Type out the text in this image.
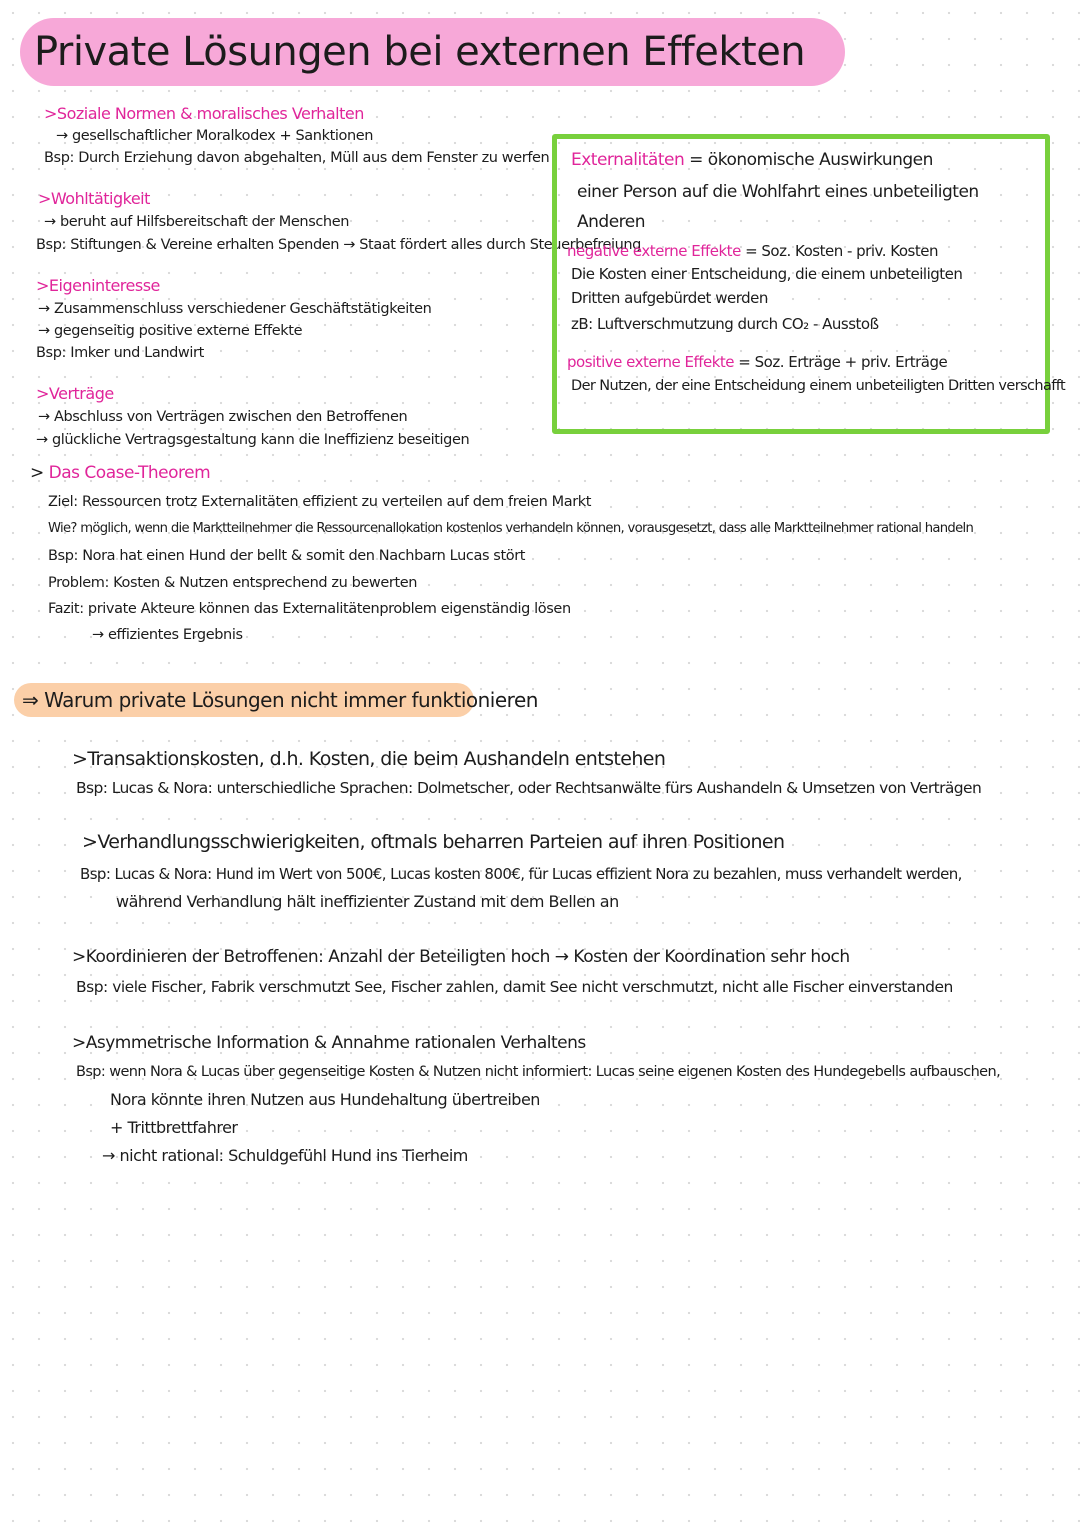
Private Lösungen bei externen Effekten
>Soziale Normen & moralisches Verhalten
→ gesellschaftlicher Moralkodex + Sanktionen
Bsp: Durch Erziehung davon abgehalten, Müll aus dem Fenster zu werfen
>Wohltätigkeit
→ beruht auf Hilfsbereitschaft der Menschen
Bsp: Stiftungen & Vereine erhalten Spenden → Staat fördert alles durch Steuerbefreiung
>Eigeninteresse
→ Zusammenschluss verschiedener Geschäftstätigkeiten
→ gegenseitig positive externe Effekte
Bsp: Imker und Landwirt
>Verträge
→ Abschluss von Verträgen zwischen den Betroffenen
→ glückliche Vertragsgestaltung kann die Ineffizienz beseitigen
Externalitäten = ökonomische Auswirkungen
einer Person auf die Wohlfahrt eines unbeteiligten
Anderen
negative externe Effekte = Soz. Kosten - priv. Kosten
Die Kosten einer Entscheidung, die einem unbeteiligten
Dritten aufgebürdet werden
zB: Luftverschmutzung durch CO₂ - Ausstoß
positive externe Effekte = Soz. Erträge + priv. Erträge
Der Nutzen, der eine Entscheidung einem unbeteiligten Dritten verschafft
> Das Coase-Theorem
Ziel: Ressourcen trotz Externalitäten effizient zu verteilen auf dem freien Markt
Wie? möglich, wenn die Marktteilnehmer die Ressourcenallokation kostenlos verhandeln können, vorausgesetzt, dass alle Marktteilnehmer rational handeln
Bsp: Nora hat einen Hund der bellt & somit den Nachbarn Lucas stört
Problem: Kosten & Nutzen entsprechend zu bewerten
Fazit: private Akteure können das Externalitätenproblem eigenständig lösen
→ effizientes Ergebnis
⇒ Warum private Lösungen nicht immer funktionieren
>Transaktionskosten, d.h. Kosten, die beim Aushandeln entstehen
Bsp: Lucas & Nora: unterschiedliche Sprachen: Dolmetscher, oder Rechtsanwälte fürs Aushandeln & Umsetzen von Verträgen
>Verhandlungsschwierigkeiten, oftmals beharren Parteien auf ihren Positionen
Bsp: Lucas & Nora: Hund im Wert von 500€, Lucas kosten 800€, für Lucas effizient Nora zu bezahlen, muss verhandelt werden,
während Verhandlung hält ineffizienter Zustand mit dem Bellen an
>Koordinieren der Betroffenen: Anzahl der Beteiligten hoch → Kosten der Koordination sehr hoch
Bsp: viele Fischer, Fabrik verschmutzt See, Fischer zahlen, damit See nicht verschmutzt, nicht alle Fischer einverstanden
>Asymmetrische Information & Annahme rationalen Verhaltens
Bsp: wenn Nora & Lucas über gegenseitige Kosten & Nutzen nicht informiert: Lucas seine eigenen Kosten des Hundegebells aufbauschen,
Nora könnte ihren Nutzen aus Hundehaltung übertreiben
+ Trittbrettfahrer
→ nicht rational: Schuldgefühl Hund ins Tierheim
